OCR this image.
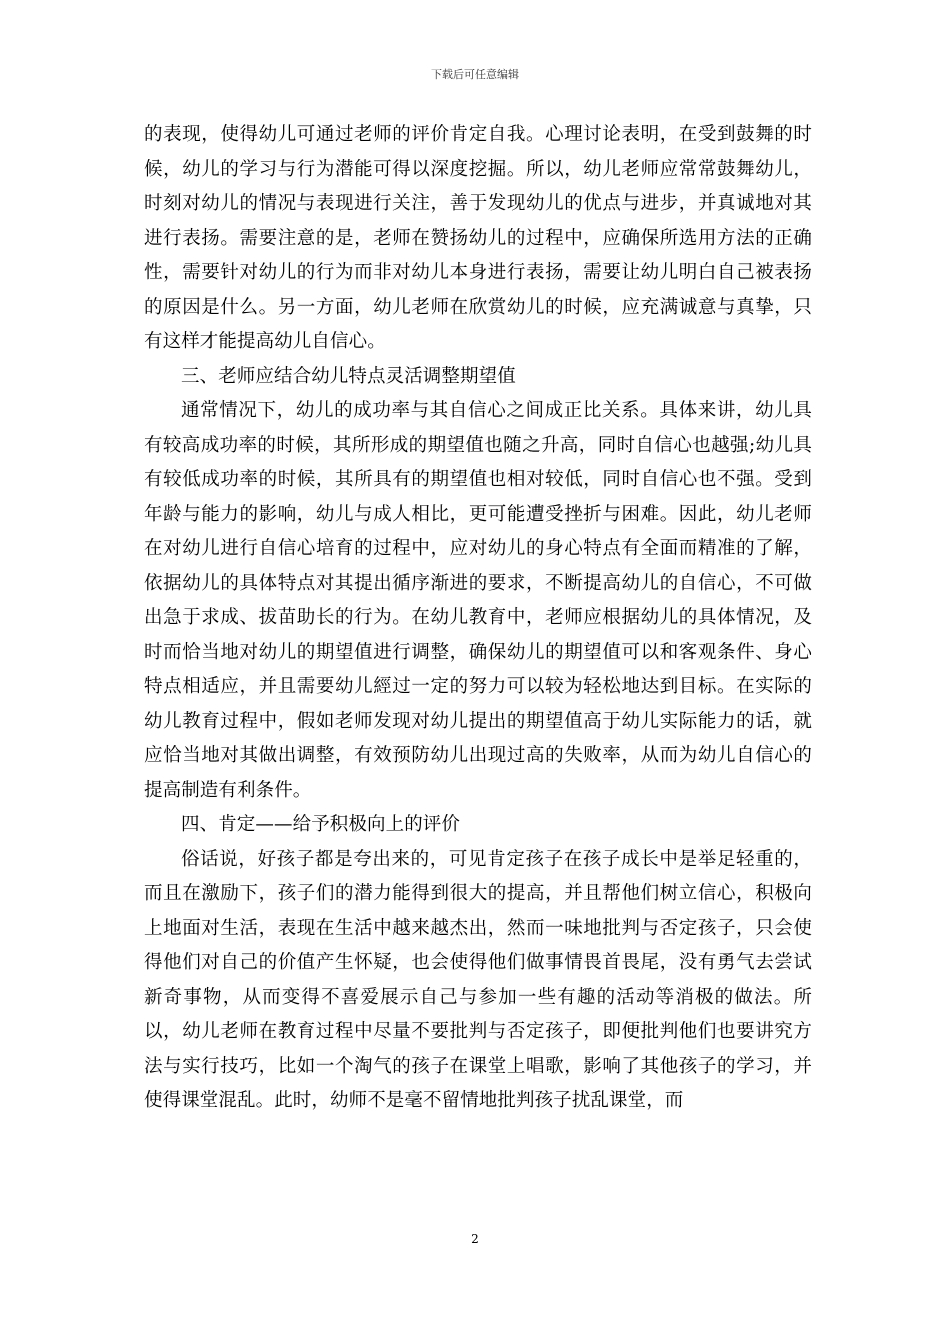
下载后可任意编辑

的表现，使得幼儿可通过老师的评价肯定自我。心理讨论表明，在受到鼓舞的时候，幼儿的学习与行为潜能可得以深度挖掘。所以，幼儿老师应常常鼓舞幼儿，时刻对幼儿的情况与表现进行关注，善于发现幼儿的优点与进步，并真诚地对其进行表扬。需要注意的是，老师在赞扬幼儿的过程中，应确保所选用方法的正确性，需要针对幼儿的行为而非对幼儿本身进行表扬，需要让幼儿明白自己被表扬的原因是什么。另一方面，幼儿老师在欣赏幼儿的时候，应充满诚意与真挚，只有这样才能提高幼儿自信心。

三、老师应结合幼儿特点灵活调整期望值

通常情况下，幼儿的成功率与其自信心之间成正比关系。具体来讲，幼儿具有较高成功率的时候，其所形成的期望值也随之升高，同时自信心也越强;幼儿具有较低成功率的时候，其所具有的期望值也相对较低，同时自信心也不强。受到年龄与能力的影响，幼儿与成人相比，更可能遭受挫折与困难。因此，幼儿老师在对幼儿进行自信心培育的过程中，应对幼儿的身心特点有全面而精准的了解，依据幼儿的具体特点对其提出循序渐进的要求，不断提高幼儿的自信心，不可做出急于求成、拔苗助长的行为。在幼儿教育中，老师应根据幼儿的具体情况，及时而恰当地对幼儿的期望值进行调整，确保幼儿的期望值可以和客观条件、身心特点相适应，并且需要幼儿經过一定的努力可以较为轻松地达到目标。在实际的幼儿教育过程中，假如老师发现对幼儿提出的期望值高于幼儿实际能力的话，就应恰当地对其做出调整，有效预防幼儿出现过高的失败率，从而为幼儿自信心的提高制造有利条件。

四、肯定——给予积极向上的评价

俗话说，好孩子都是夸出来的，可见肯定孩子在孩子成长中是举足轻重的，而且在激励下，孩子们的潜力能得到很大的提高，并且帮他们树立信心，积极向上地面对生活，表现在生活中越来越杰出，然而一味地批判与否定孩子，只会使得他们对自己的价值产生怀疑，也会使得他们做事情畏首畏尾，没有勇气去尝试新奇事物，从而变得不喜爱展示自己与参加一些有趣的活动等消极的做法。所以，幼儿老师在教育过程中尽量不要批判与否定孩子，即便批判他们也要讲究方法与实行技巧，比如一个淘气的孩子在课堂上唱歌，影响了其他孩子的学习，并使得课堂混乱。此时，幼师不是毫不留情地批判孩子扰乱课堂，而

2
